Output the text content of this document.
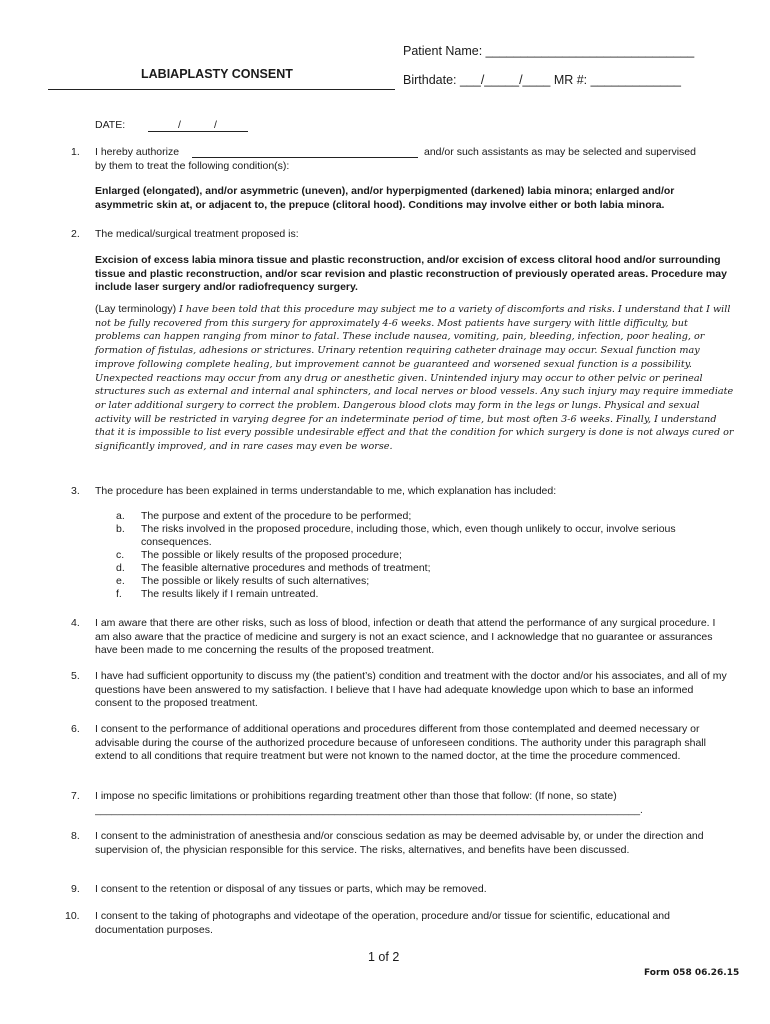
Patient Name: ______________________________
LABIAPLASTY CONSENT	Birthdate: ___/_____/____ MR #: _____________
DATE:	/	/
1.	I hereby authorize	and/or such assistants as may be selected and supervised
by them to treat the following condition(s):
Enlarged (elongated), and/or asymmetric (uneven), and/or hyperpigmented (darkened) labia minora; enlarged and/or asymmetric skin at, or adjacent to, the prepuce (clitoral hood). Conditions may involve either or both labia minora.
2.	The medical/surgical treatment proposed is:
Excision of excess labia minora tissue and plastic reconstruction, and/or excision of excess clitoral hood and/or surrounding tissue and plastic reconstruction, and/or scar revision and plastic reconstruction of previously operated areas. Procedure may include laser surgery and/or radiofrequency surgery.
(Lay terminology) I have been told that this procedure may subject me to a variety of discomforts and risks. I understand that I will not be fully recovered from this surgery for approximately 4-6 weeks. Most patients have surgery with little difficulty, but problems can happen ranging from minor to fatal. These include nausea, vomiting, pain, bleeding, infection, poor healing, or formation of fistulas, adhesions or strictures. Urinary retention requiring catheter drainage may occur. Sexual function may improve following complete healing, but improvement cannot be guaranteed and worsened sexual function is a possibility. Unexpected reactions may occur from any drug or anesthetic given. Unintended injury may occur to other pelvic or perineal structures such as external and internal anal sphincters, and local nerves or blood vessels. Any such injury may require immediate or later additional surgery to correct the problem. Dangerous blood clots may form in the legs or lungs. Physical and sexual activity will be restricted in varying degree for an indeterminate period of time, but most often 3-6 weeks. Finally, I understand that it is impossible to list every possible undesirable effect and that the condition for which surgery is done is not always cured or significantly improved, and in rare cases may even be worse.
3.	The procedure has been explained in terms understandable to me, which explanation has included:
a.	The purpose and extent of the procedure to be performed;
b.	The risks involved in the proposed procedure, including those, which, even though unlikely to occur, involve serious consequences.
c.	The possible or likely results of the proposed procedure;
d.	The feasible alternative procedures and methods of treatment;
e.	The possible or likely results of such alternatives;
f.	The results likely if I remain untreated.
4.	I am aware that there are other risks, such as loss of blood, infection or death that attend the performance of any surgical procedure. I am also aware that the practice of medicine and surgery is not an exact science, and I acknowledge that no guarantee or assurances have been made to me concerning the results of the proposed treatment.
5.	I have had sufficient opportunity to discuss my (the patient’s) condition and treatment with the doctor and/or his associates, and all of my questions have been answered to my satisfaction. I believe that I have had adequate knowledge upon which to base an informed consent to the proposed treatment.
6.	I consent to the performance of additional operations and procedures different from those contemplated and deemed necessary or advisable during the course of the authorized procedure because of unforeseen conditions. The authority under this paragraph shall extend to all conditions that require treatment but were not known to the named doctor, at the time the procedure commenced.
7.	I impose no specific limitations or prohibitions regarding treatment other than those that follow: (If none, so state)
__________________________________________________________________________________________________.
8.	I consent to the administration of anesthesia and/or conscious sedation as may be deemed advisable by, or under the direction and supervision of, the physician responsible for this service. The risks, alternatives, and benefits have been discussed.
9.	I consent to the retention or disposal of any tissues or parts, which may be removed.
10.	I consent to the taking of photographs and videotape of the operation, procedure and/or tissue for scientific, educational and documentation purposes.
1 of 2
Form 058 06.26.15
